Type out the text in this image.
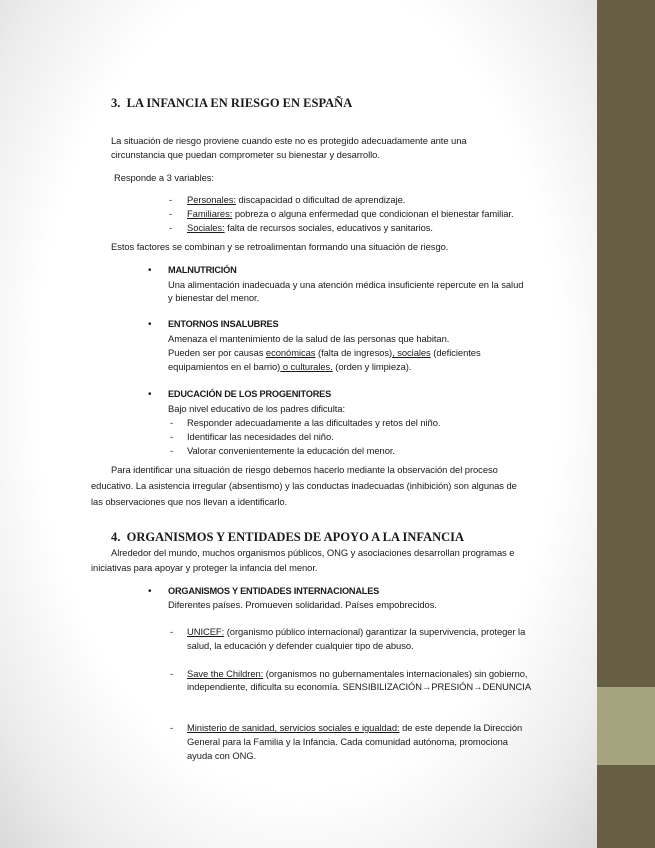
3. LA INFANCIA EN RIESGO EN ESPAÑA

La situación de riesgo proviene cuando este no es protegido adecuadamente ante una

circunstancia que puedan comprometer su bienestar y desarrollo.

Responde a 3 variables:

- Personales: discapacidad o dificultad de aprendizaje.

- Familiares: pobreza o alguna enfermedad que condicionan el bienestar familiar.

- Sociales: falta de recursos sociales, educativos y sanitarios.

Estos factores se combinan y se retroalimentan formando una situación de riesgo.

• MALNUTRICIÓN

Una alimentación inadecuada y una atención médica insuficiente repercute en la salud

y bienestar del menor.

• ENTORNOS INSALUBRES

Amenaza el mantenimiento de la salud de las personas que habitan.

Pueden ser por causas económicas (falta de ingresos), sociales (deficientes

equipamientos en el barrio) o culturales. (orden y limpieza).

• EDUCACIÓN DE LOS PROGENITORES

Bajo nivel educativo de los padres dificulta:

- Responder adecuadamente a las dificultades y retos del niño.

- Identificar las necesidades del niño.

- Valorar convenientemente la educación del menor.

Para identificar una situación de riesgo debemos hacerlo mediante la observación del proceso

educativo. La asistencia irregular (absentismo) y las conductas inadecuadas (inhibición) son algunas de

las observaciones que nos llevan a identificarlo.

4. ORGANISMOS Y ENTIDADES DE APOYO A LA INFANCIA

Alrededor del mundo, muchos organismos públicos, ONG y asociaciones desarrollan programas e

iniciativas para apoyar y proteger la infancia del menor.

• ORGANISMOS Y ENTIDADES INTERNACIONALES

Diferentes países. Promueven solidaridad. Países empobrecidos.

- UNICEF: (organismo público internacional) garantizar la supervivencia, proteger la

salud, la educación y defender cualquier tipo de abuso.

- Save the Children: (organismos no gubernamentales internacionales) sin gobierno,

independiente, dificulta su economía. SENSIBILIZACIÓN→PRESIÓN→DENUNCIA

- Ministerio de sanidad, servicios sociales e igualdad: de este depende la Dirección

General para la Familia y la Infancia. Cada comunidad autónoma, promociona

ayuda con ONG.
